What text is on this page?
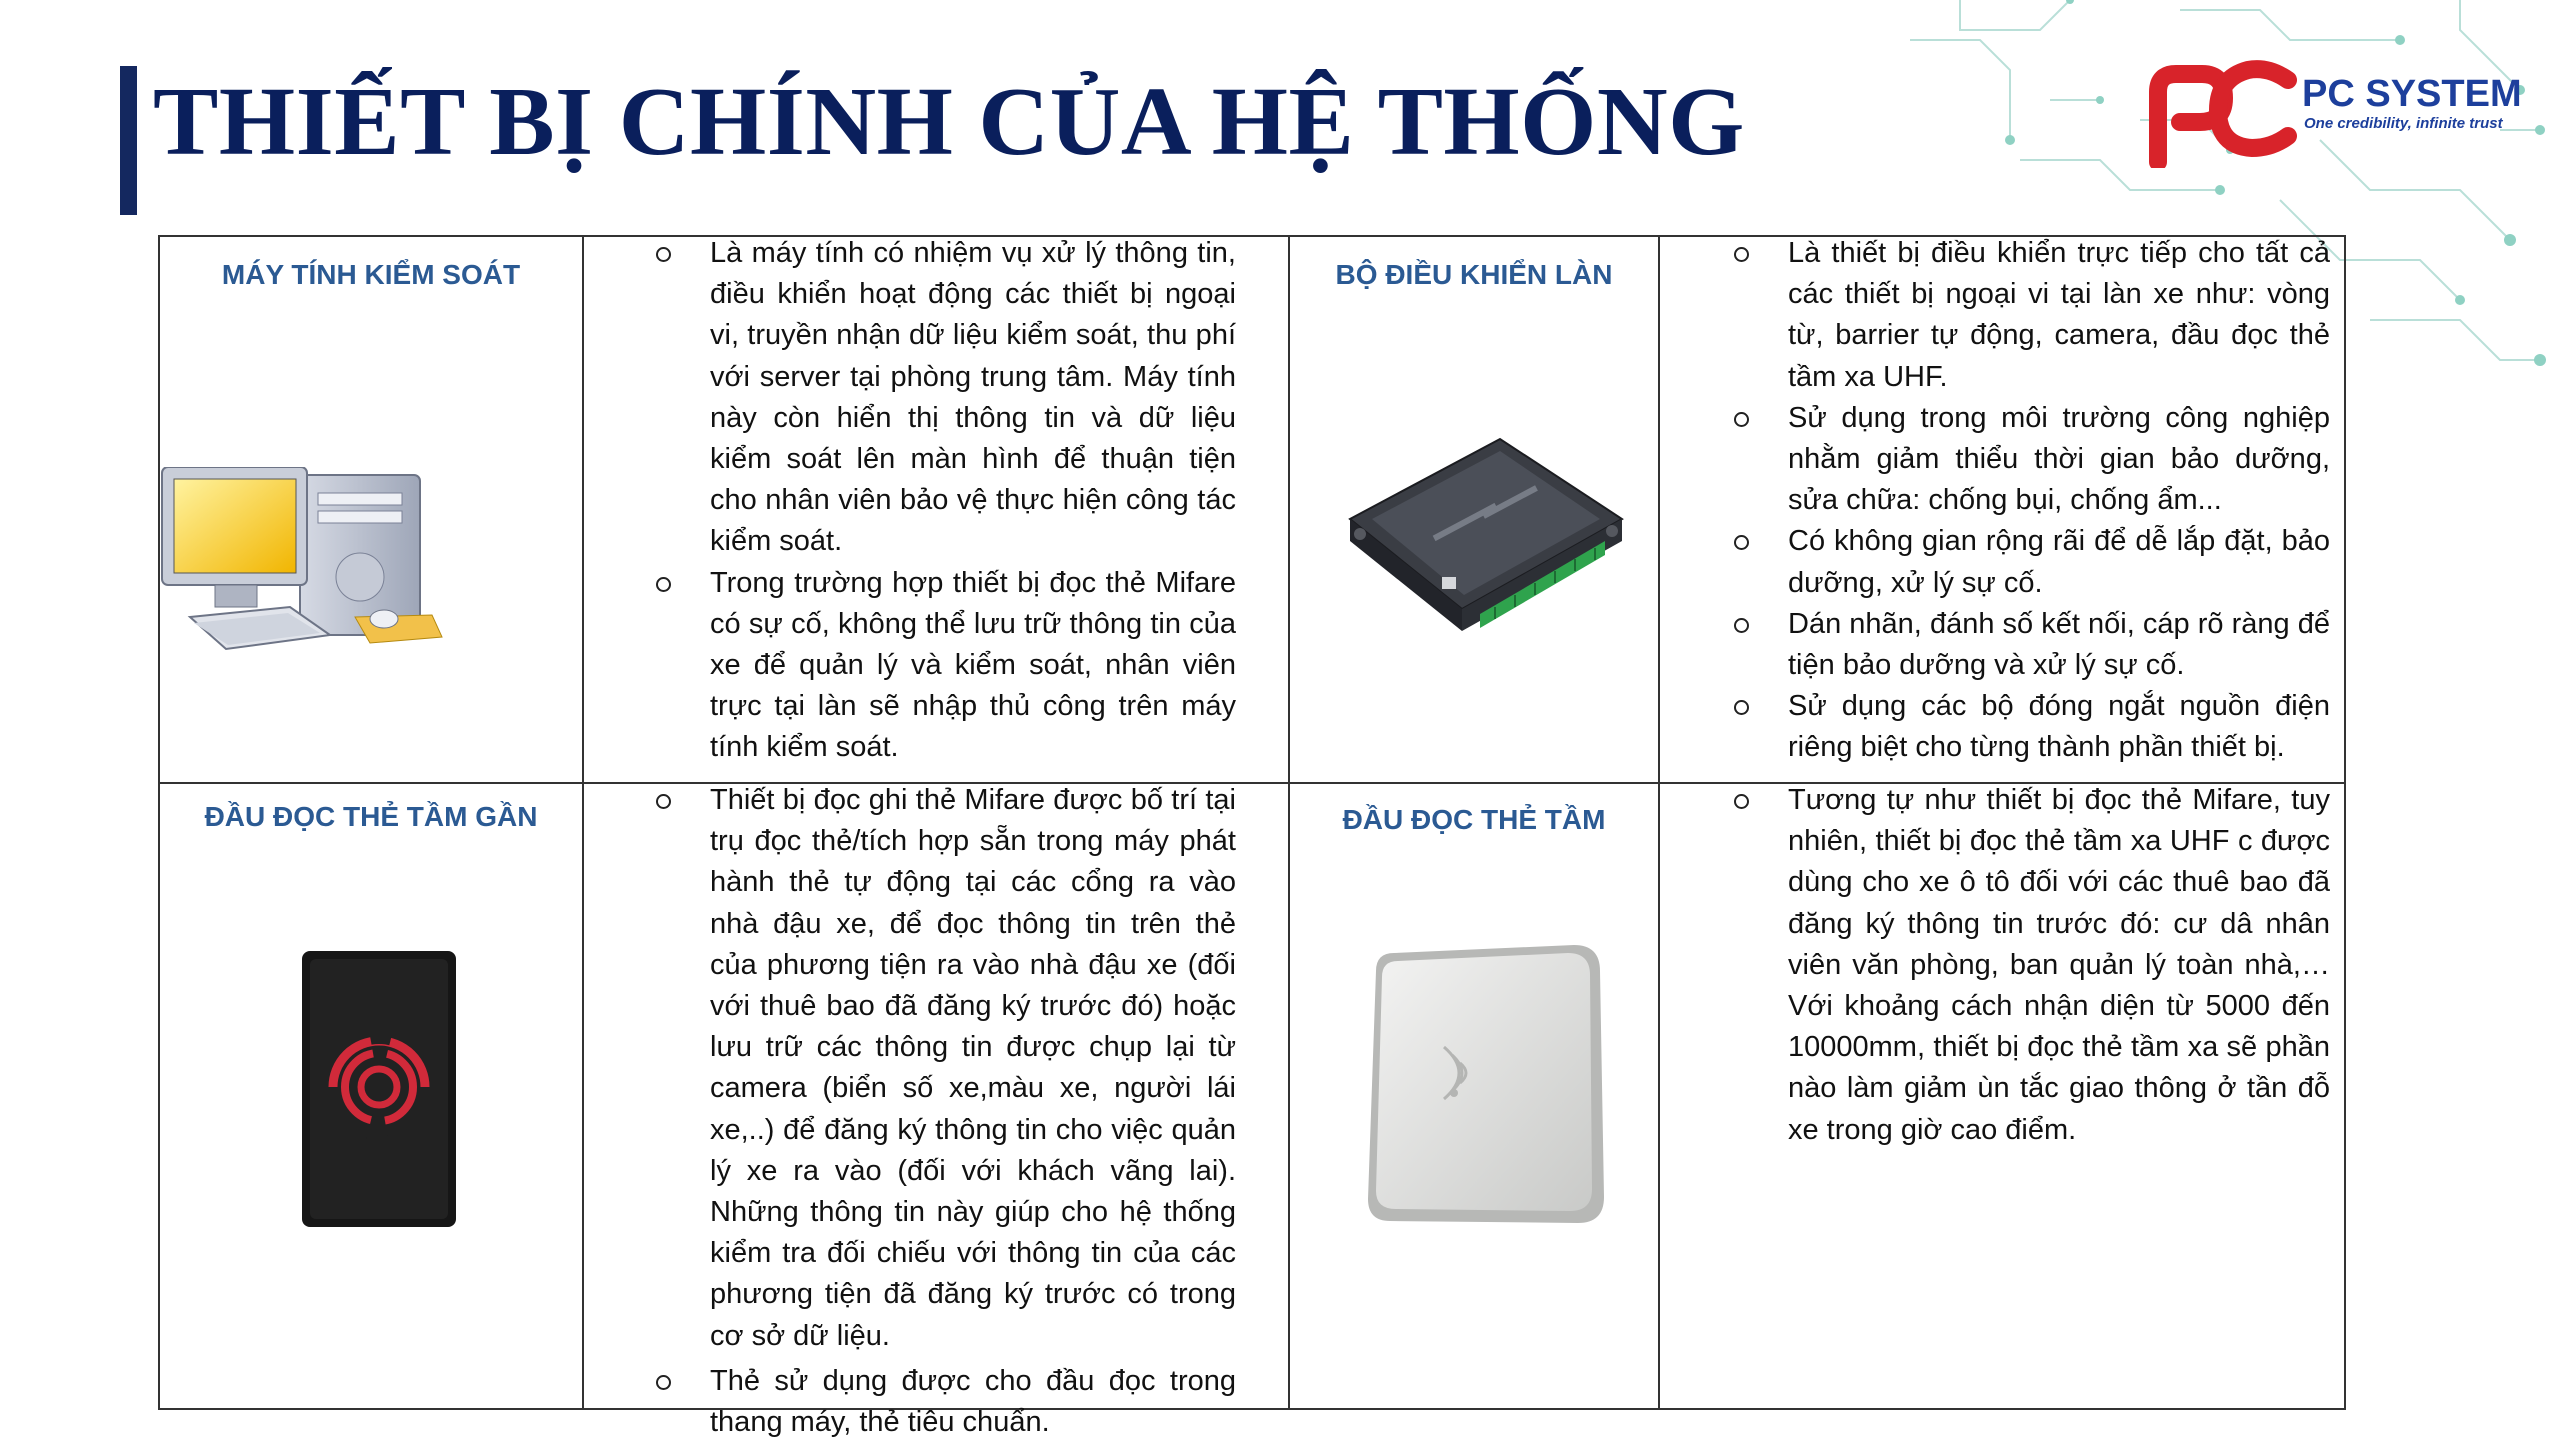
THIẾT BỊ CHÍNH CỦA HỆ THỐNG	PC SYSTEM
One credibility, infinite trust

MÁY TÍNH KIỂM SOÁT

Là máy tính có nhiệm vụ xử lý thông tin, điều khiển hoạt động các thiết bị ngoại vi, truyền nhận dữ liệu kiểm soát, thu phí với server tại phòng trung tâm. Máy tính này còn hiển thị thông tin và dữ liệu kiểm soát lên màn hình để thuận tiện cho nhân viên bảo vệ thực hiện công tác kiểm soát.
Trong trường hợp thiết bị đọc thẻ Mifare có sự cố, không thể lưu trữ thông tin của xe để quản lý và kiểm soát, nhân viên trực tại làn sẽ nhập thủ công trên máy tính kiểm soát.

BỘ ĐIỀU KHIỂN LÀN

Là thiết bị điều khiển trực tiếp cho tất cả các thiết bị ngoại vi tại làn xe như: vòng từ, barrier tự động, camera, đầu đọc thẻ tầm xa UHF.
Sử dụng trong môi trường công nghiệp nhằm giảm thiểu thời gian bảo dưỡng, sửa chữa: chống bụi, chống ẩm...
Có không gian rộng rãi để dễ lắp đặt, bảo dưỡng, xử lý sự cố.
Dán nhãn, đánh số kết nối, cáp rõ ràng để tiện bảo dưỡng và xử lý sự cố.
Sử dụng các bộ đóng ngắt nguồn điện riêng biệt cho từng thành phần thiết bị.

ĐẦU ĐỌC THẺ TẦM GẦN

Thiết bị đọc ghi thẻ Mifare được bố trí tại trụ đọc thẻ/tích hợp sẵn trong máy phát hành thẻ tự động tại các cổng ra vào nhà đậu xe, để đọc thông tin trên thẻ của phương tiện ra vào nhà đậu xe (đối với thuê bao đã đăng ký trước đó) hoặc lưu trữ các thông tin được chụp lại từ camera (biển số xe,màu xe, người lái xe,..) để đăng ký thông tin cho việc quản lý xe ra vào (đối với khách vãng lai). Những thông tin này giúp cho hệ thống kiểm tra đối chiếu với thông tin của các phương tiện đã đăng ký trước có trong cơ sở dữ liệu.
Thẻ sử dụng được cho đầu đọc trong thang máy, thẻ tiêu chuẩn.

ĐẦU ĐỌC THẺ TẦM

Tương tự như thiết bị đọc thẻ Mifare, tuy nhiên, thiết bị đọc thẻ tầm xa UHF c được dùng cho xe ô tô đối với các thuê bao đã đăng ký thông tin trước đó: cư dâ nhân viên văn phòng, ban quản lý toàn nhà,… Với khoảng cách nhận diện từ 5000 đến 10000mm, thiết bị đọc thẻ tầm xa sẽ phần nào làm giảm ùn tắc giao thông ở tần đỗ xe trong giờ cao điểm.
